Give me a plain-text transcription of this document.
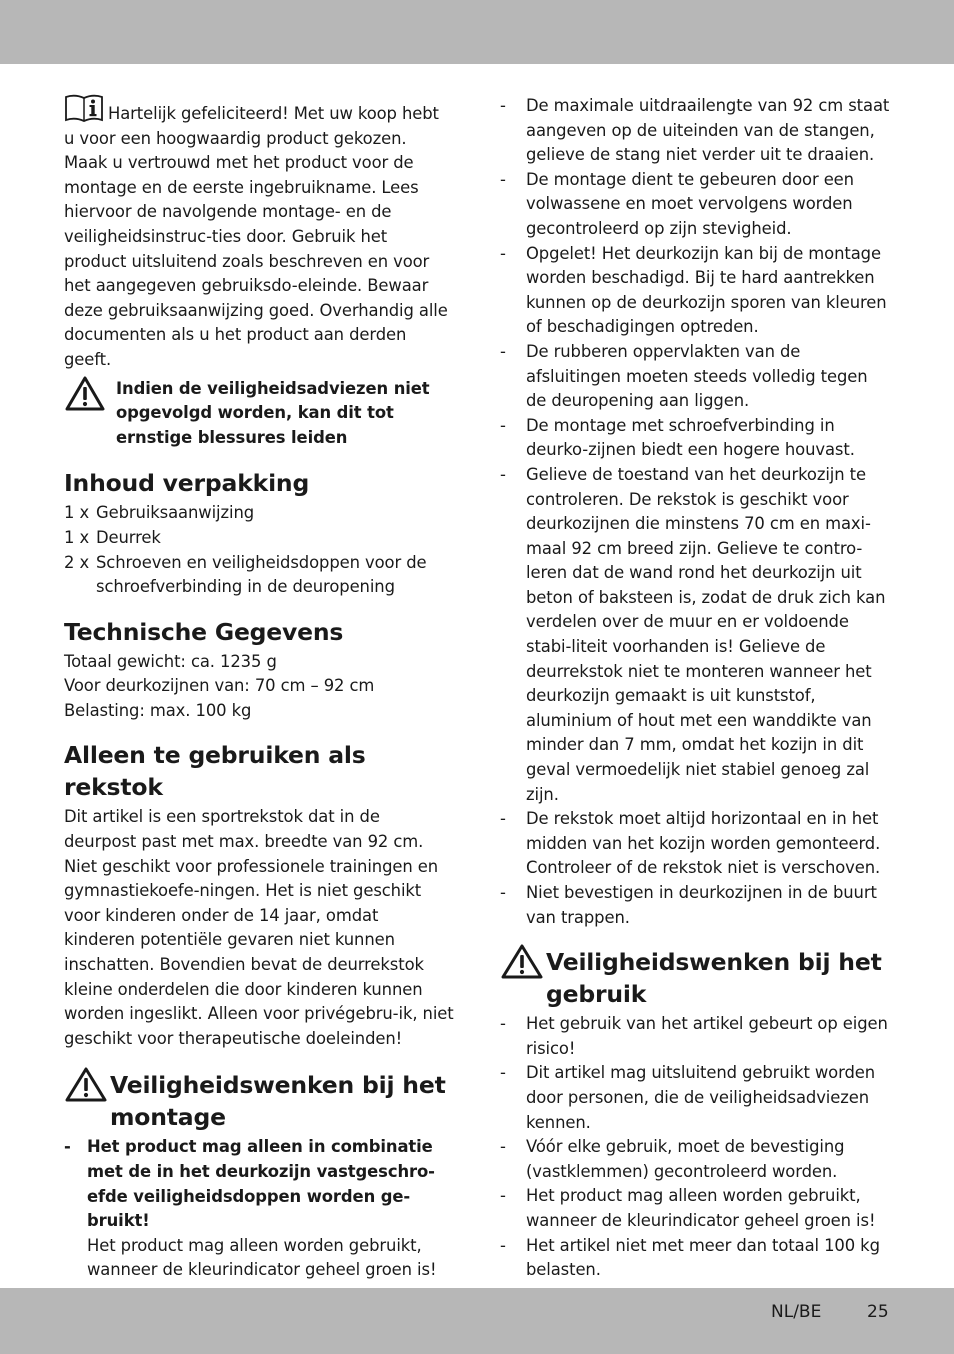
Hartelijk gefeliciteerd! Met uw koop hebt u voor een hoogwaardig product gekozen. Maak u vertrouwd met het product voor de montage en de eerste ingebruikname. Lees hiervoor de navolgende montage- en de veiligheidsinstruc-ties door. Gebruik het product uitsluitend zoals beschreven en voor het aangegeven gebruiksdo-eleinde. Bewaar deze gebruiksaanwijzing goed. Overhandig alle documenten als u het product aan derden geeft.

Indien de veiligheidsadviezen niet opgevolgd worden, kan dit tot ernstige blessures leiden
Inhoud verpakking
1 x Gebruiksaanwijzing
1 x Deurrek
2 x Schroeven en veiligheidsdoppen voor de schroefverbinding in de deuropening
Technische Gegevens

Totaal gewicht: ca. 1235 g

Voor deurkozijnen van: 70 cm – 92 cm

Belasting: max. 100 kg

Alleen te gebruiken als rekstok

Dit artikel is een sportrekstok dat in de deurpost past met max. breedte van 92 cm. Niet geschikt voor professionele trainingen en gymnastiekoefe-ningen. Het is niet geschikt voor kinderen onder de 14 jaar, omdat kinderen potentiële gevaren niet kunnen inschatten. Bovendien bevat de deurrekstok kleine onderdelen die door kinderen kunnen worden ingeslikt. Alleen voor privégebru-ik, niet geschikt voor therapeutische doeleinden!

Veiligheidswenken bij het montage
- Het product mag alleen in combinatie met de in het deurkozijn vastgeschro-efde veiligheidsdoppen worden ge-bruikt!

Het product mag alleen worden gebruikt, wanneer de kleurindicator geheel groen is!

- De maximale uitdraailengte van 92 cm staat aangeven op de uiteinden van de stangen, gelieve de stang niet verder uit te draaien.
- De montage dient te gebeuren door een volwassene en moet vervolgens worden gecontroleerd op zijn stevigheid.
- Opgelet! Het deurkozijn kan bij de montage worden beschadigd. Bij te hard aantrekken kunnen op de deurkozijn sporen van kleuren of beschadigingen optreden.
- De rubberen oppervlakten van de afsluitingen moeten steeds volledig tegen de deuropening aan liggen.
- De montage met schroefverbinding in deurko-zijnen biedt een hogere houvast.
- Gelieve de toestand van het deurkozijn te controleren. De rekstok is geschikt voor deurkozijnen die minstens 70 cm en maxi-maal 92 cm breed zijn. Gelieve te contro-leren dat de wand rond het deurkozijn uit beton of baksteen is, zodat de druk zich kan verdelen over de muur en er voldoende stabi-liteit voorhanden is! Gelieve de deurrekstok niet te monteren wanneer het deurkozijn gemaakt is uit kunststof, aluminium of hout met een wanddikte van minder dan 7 mm, omdat het kozijn in dit geval vermoedelijk niet stabiel genoeg zal zijn.
- De rekstok moet altijd horizontaal en in het midden van het kozijn worden gemonteerd. Controleer of de rekstok niet is verschoven.
- Niet bevestigen in deurkozijnen in de buurt van trappen.
Veiligheidswenken bij het gebruik
- Het gebruik van het artikel gebeurt op eigen risico!
- Dit artikel mag uitsluitend gebruikt worden door personen, die de veiligheidsadviezen kennen.
- Vóór elke gebruik, moet de bevestiging (vastklemmen) gecontroleerd worden.
- Het product mag alleen worden gebruikt, wanneer de kleurindicator geheel groen is!
- Het artikel niet met meer dan totaal 100 kg belasten.
NL/BE	25
